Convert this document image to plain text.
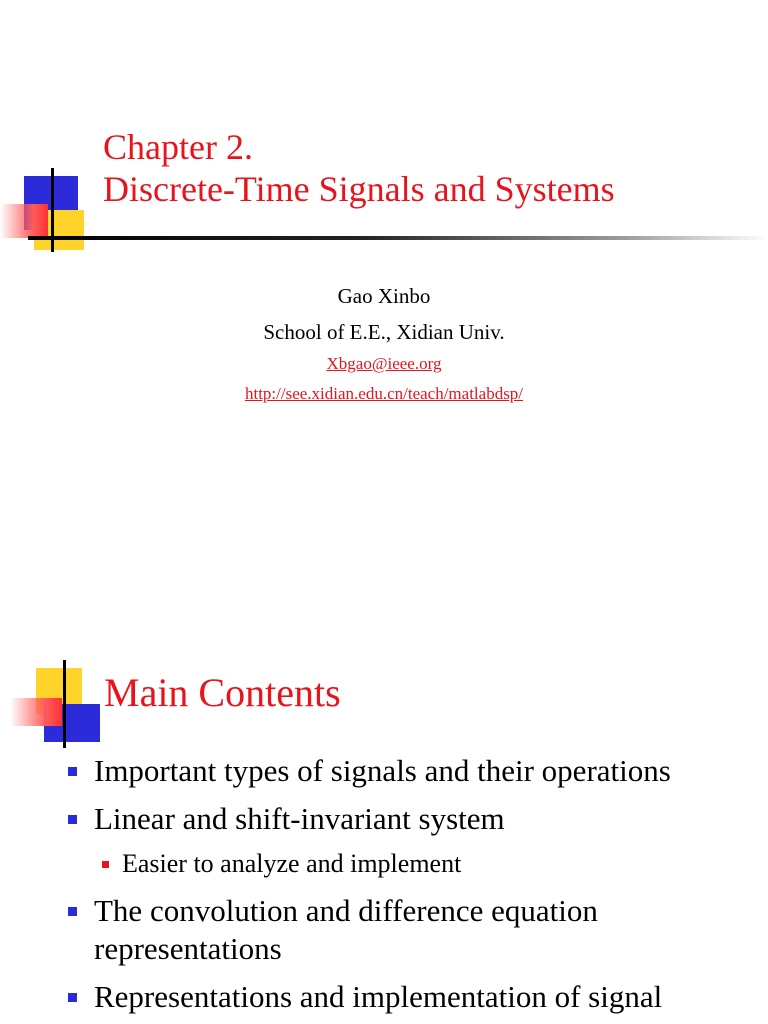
Chapter 2.
Discrete-Time Signals and Systems

Gao Xinbo

School of E.E., Xidian Univ.

Xbgao@ieee.org

http://see.xidian.edu.cn/teach/matlabdsp/

Main Contents
Important types of signals and their operations
Linear and shift-invariant system
Easier to analyze and implement
The convolution and difference equation representations
Representations and implementation of signal
